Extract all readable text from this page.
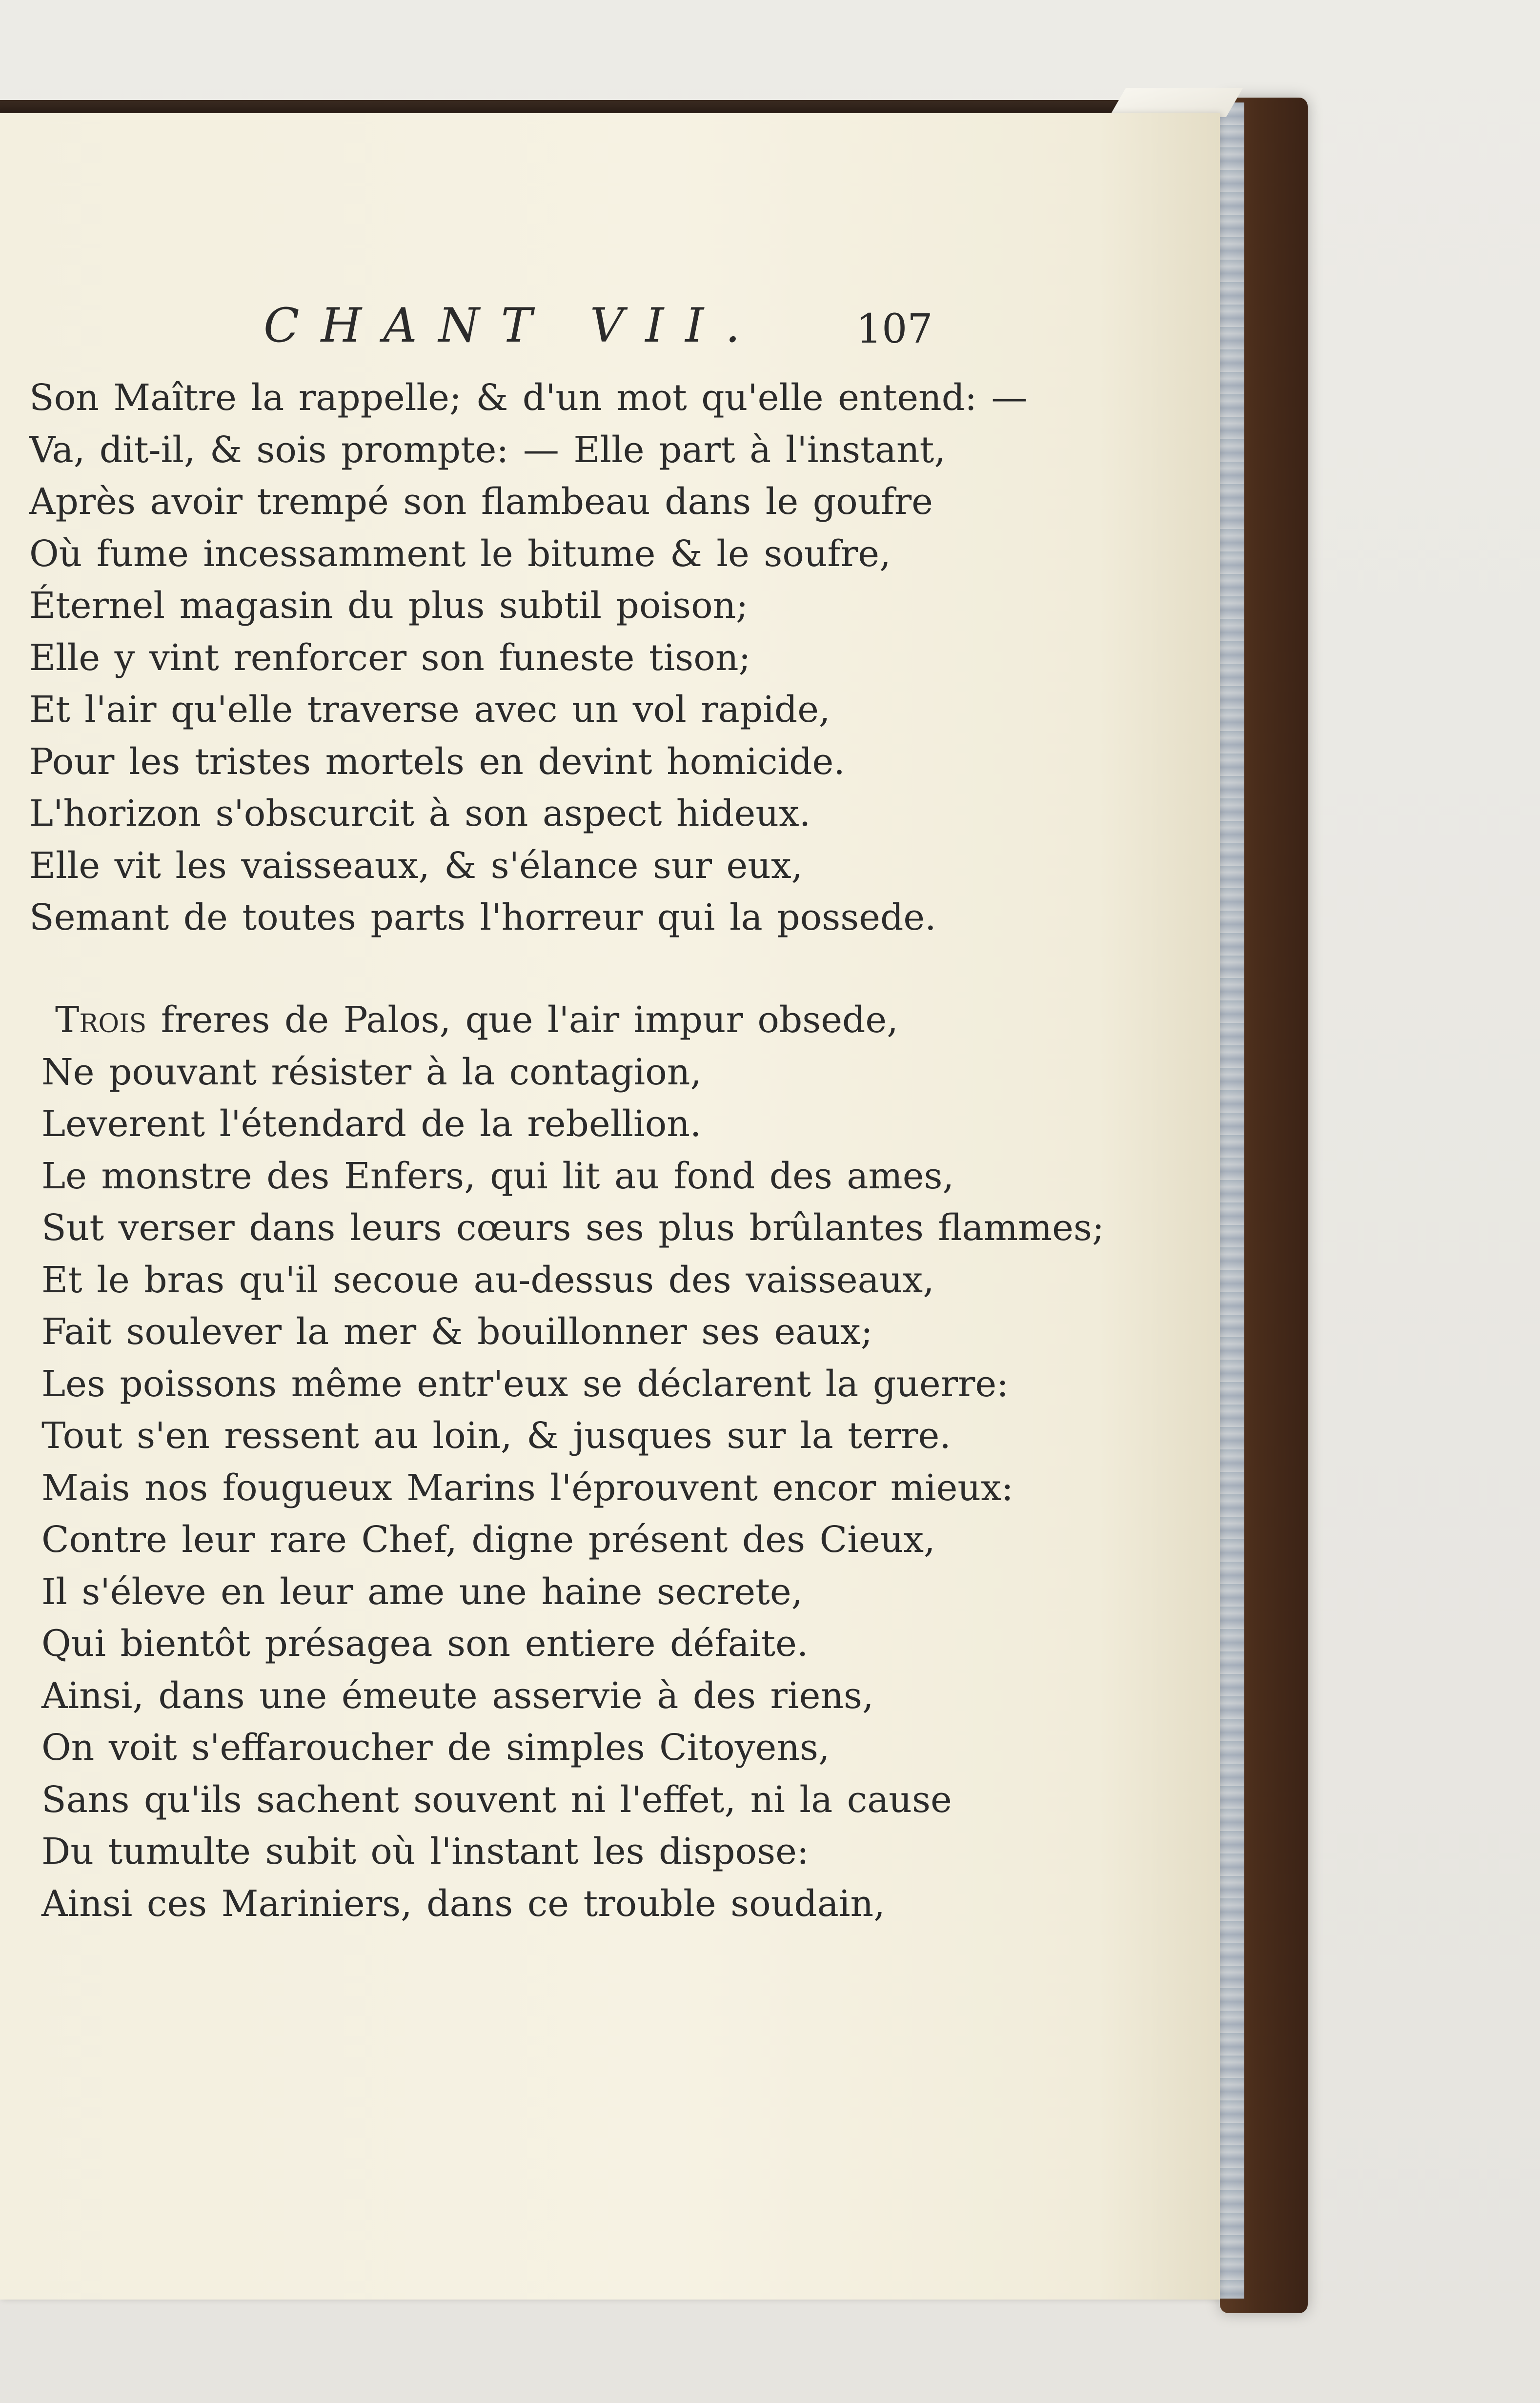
CHANT VII.	107
Son Maître la rappelle; & d'un mot qu'elle entend: —
Va, dit-il, & sois prompte: — Elle part à l'instant,
Après avoir trempé son flambeau dans le goufre
Où fume incessamment le bitume & le soufre,
Éternel magasin du plus subtil poison;
Elle y vint renforcer son funeste tison;
Et l'air qu'elle traverse avec un vol rapide,
Pour les tristes mortels en devint homicide.
L'horizon s'obscurcit à son aspect hideux.
Elle vit les vaisseaux, & s'élance sur eux,
Semant de toutes parts l'horreur qui la possede.
Trois freres de Palos, que l'air impur obsede,
Ne pouvant résister à la contagion,
Leverent l'étendard de la rebellion.
Le monstre des Enfers, qui lit au fond des ames,
Sut verser dans leurs cœurs ses plus brûlantes flammes;
Et le bras qu'il secoue au-dessus des vaisseaux,
Fait soulever la mer & bouillonner ses eaux;
Les poissons même entr'eux se déclarent la guerre:
Tout s'en ressent au loin, & jusques sur la terre.
Mais nos fougueux Marins l'éprouvent encor mieux:
Contre leur rare Chef, digne présent des Cieux,
Il s'éleve en leur ame une haine secrete,
Qui bientôt présagea son entiere défaite.
Ainsi, dans une émeute asservie à des riens,
On voit s'effaroucher de simples Citoyens,
Sans qu'ils sachent souvent ni l'effet, ni la cause
Du tumulte subit où l'instant les dispose:
Ainsi ces Mariniers, dans ce trouble soudain,
